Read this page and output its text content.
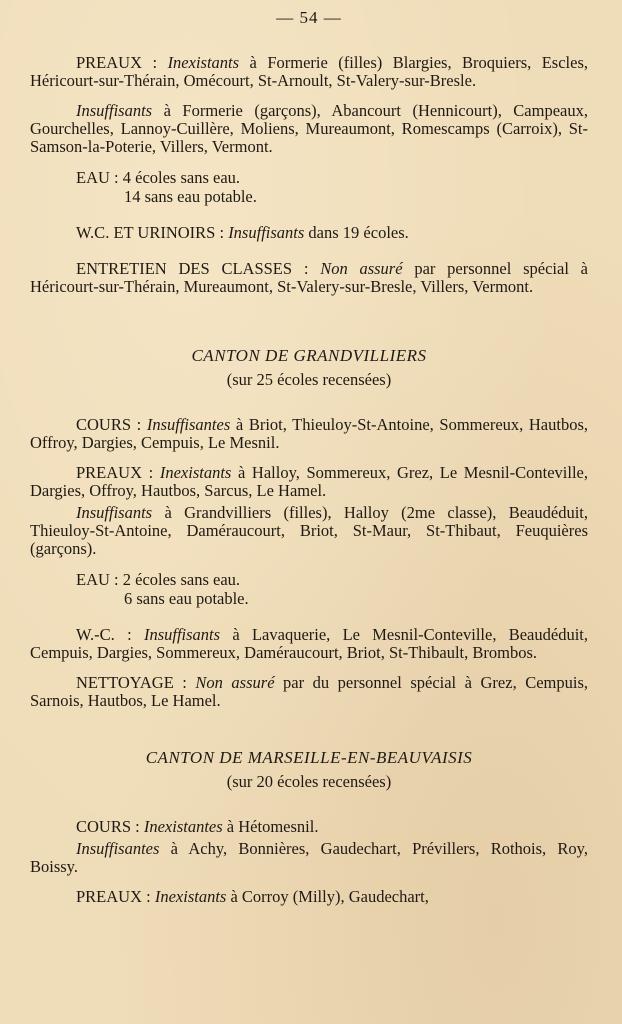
— 54 —

PREAUX : Inexistants à Formerie (filles) Blargies, Broquiers, Escles, Héricourt-sur-Thérain, Omécourt, St-Arnoult, St-Valery-sur-Bresle.

Insuffisants à Formerie (garçons), Abancourt (Hennicourt), Campeaux, Gourchelles, Lannoy-Cuillère, Moliens, Mureaumont, Romescamps (Carroix), St-Samson-la-Poterie, Villers, Vermont.

EAU : 4 écoles sans eau.
14 sans eau potable.

W.C. ET URINOIRS : Insuffisants dans 19 écoles.

ENTRETIEN DES CLASSES : Non assuré par personnel spécial à Héricourt-sur-Thérain, Mureaumont, St-Valery-sur-Bresle, Villers, Vermont.

CANTON DE GRANDVILLIERS
(sur 25 écoles recensées)

COURS : Insuffisantes à Briot, Thieuloy-St-Antoine, Sommereux, Hautbos, Offroy, Dargies, Cempuis, Le Mesnil.

PREAUX : Inexistants à Halloy, Sommereux, Grez, Le Mesnil-Conteville, Dargies, Offroy, Hautbos, Sarcus, Le Hamel.

Insuffisants à Grandvilliers (filles), Halloy (2me classe), Beaudéduit, Thieuloy-St-Antoine, Daméraucourt, Briot, St-Maur, St-Thibaut, Feuquières (garçons).

EAU : 2 écoles sans eau.
6 sans eau potable.

W.-C. : Insuffisants à Lavaquerie, Le Mesnil-Conteville, Beaudéduit, Cempuis, Dargies, Sommereux, Daméraucourt, Briot, St-Thibault, Brombos.

NETTOYAGE : Non assuré par du personnel spécial à Grez, Cempuis, Sarnois, Hautbos, Le Hamel.

CANTON DE MARSEILLE-EN-BEAUVAISIS
(sur 20 écoles recensées)

COURS : Inexistantes à Hétomesnil.

Insuffisantes à Achy, Bonnières, Gaudechart, Prévillers, Rothois, Roy, Boissy.

PREAUX : Inexistants à Corroy (Milly), Gaudechart,
